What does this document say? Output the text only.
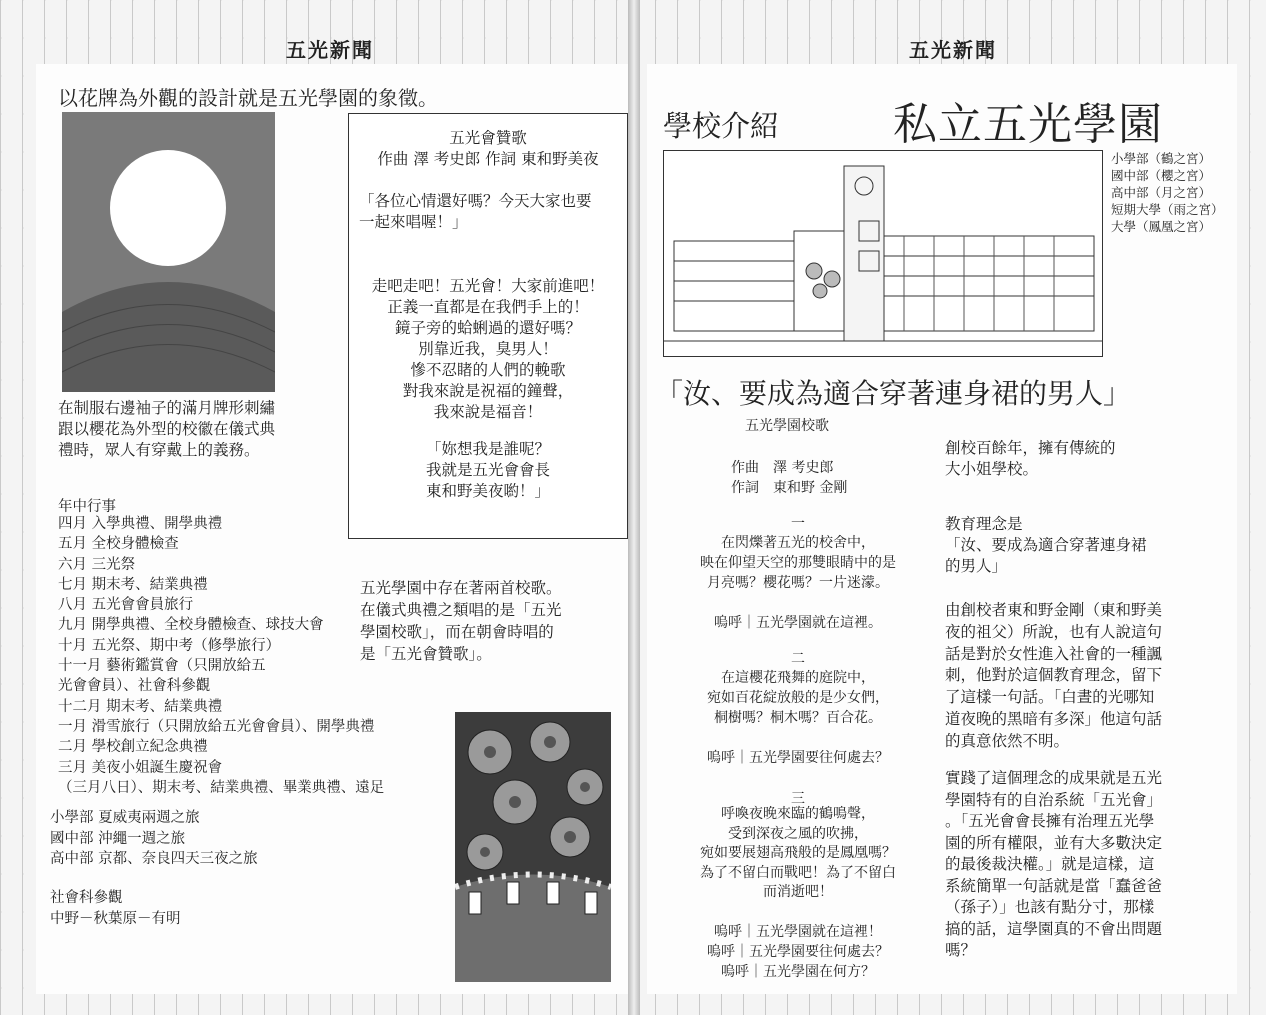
五光新聞
以花牌為外觀的設計就是五光學園的象徵。
在制服右邊袖子的滿月牌形刺繡
跟以櫻花為外型的校徽在儀式典
禮時，眾人有穿戴上的義務。
五光會贊歌
作曲 澤 考史郎 作詞 東和野美夜
「各位心情還好嗎？今天大家也要
一起來唱喔！」
走吧走吧！五光會！大家前進吧！
正義一直都是在我們手上的！
鏡子旁的蛤蜊過的還好嗎？
別靠近我，臭男人！
慘不忍睹的人們的輓歌
對我來說是祝福的鐘聲，
我來說是福音！
「妳想我是誰呢？
我就是五光會會長
東和野美夜喲！」
年中行事
四月 入學典禮、開學典禮
五月 全校身體檢查
六月 三光祭
七月 期末考、結業典禮
八月 五光會會員旅行
九月 開學典禮、全校身體檢查、球技大會
十月 五光祭、期中考（修學旅行）
十一月 藝術鑑賞會（只開放給五
光會會員）、社會科參觀
十二月 期末考、結業典禮
一月 滑雪旅行（只開放給五光會會員）、開學典禮
二月 學校創立紀念典禮
三月 美夜小姐誕生慶祝會
（三月八日）、期末考、結業典禮、畢業典禮、遠足
五光學園中存在著兩首校歌。
在儀式典禮之類唱的是「五光
學園校歌」，而在朝會時唱的
是「五光會贊歌」。
小學部 夏威夷兩週之旅
國中部 沖繩一週之旅
高中部 京都、奈良四天三夜之旅
社會科參觀
中野－秋葉原－有明
五光新聞
學校介紹	私立五光學園
小學部（鶴之宮）
國中部（櫻之宮）
高中部（月之宮）
短期大學（雨之宮）
大學（鳳凰之宮）
「汝、要成為適合穿著連身裙的男人」
五光學園校歌
作曲　澤 考史郎
作詞　東和野 金剛
一
在閃爍著五光的校舍中，
映在仰望天空的那雙眼睛中的是
月亮嗎？櫻花嗎？一片迷濛。
嗚呼｜五光學園就在這裡。
二
在這櫻花飛舞的庭院中，
宛如百花綻放般的是少女們，
桐樹嗎？桐木嗎？百合花。
嗚呼｜五光學園要往何處去？
三
呼喚夜晚來臨的鶴鳴聲，
受到深夜之風的吹拂，
宛如要展翅高飛般的是鳳凰嗎？
為了不留白而戰吧！為了不留白
而消逝吧！
嗚呼｜五光學園就在這裡！
嗚呼｜五光學園要往何處去？
嗚呼｜五光學園在何方？
創校百餘年，擁有傳統的
大小姐學校。
教育理念是
「汝、要成為適合穿著連身裙
的男人」
由創校者東和野金剛（東和野美
夜的祖父）所說，也有人說這句
話是對於女性進入社會的一種諷
刺，他對於這個教育理念，留下
了這樣一句話。「白晝的光哪知
道夜晚的黑暗有多深」他這句話
的真意依然不明。
實踐了這個理念的成果就是五光
學園特有的自治系統「五光會」
。「五光會會長擁有治理五光學
園的所有權限，並有大多數決定
的最後裁決權。」就是這樣，這
系統簡單一句話就是當「蠢爸爸
（孫子）」也該有點分寸，那樣
搞的話，這學園真的不會出問題
嗎？
